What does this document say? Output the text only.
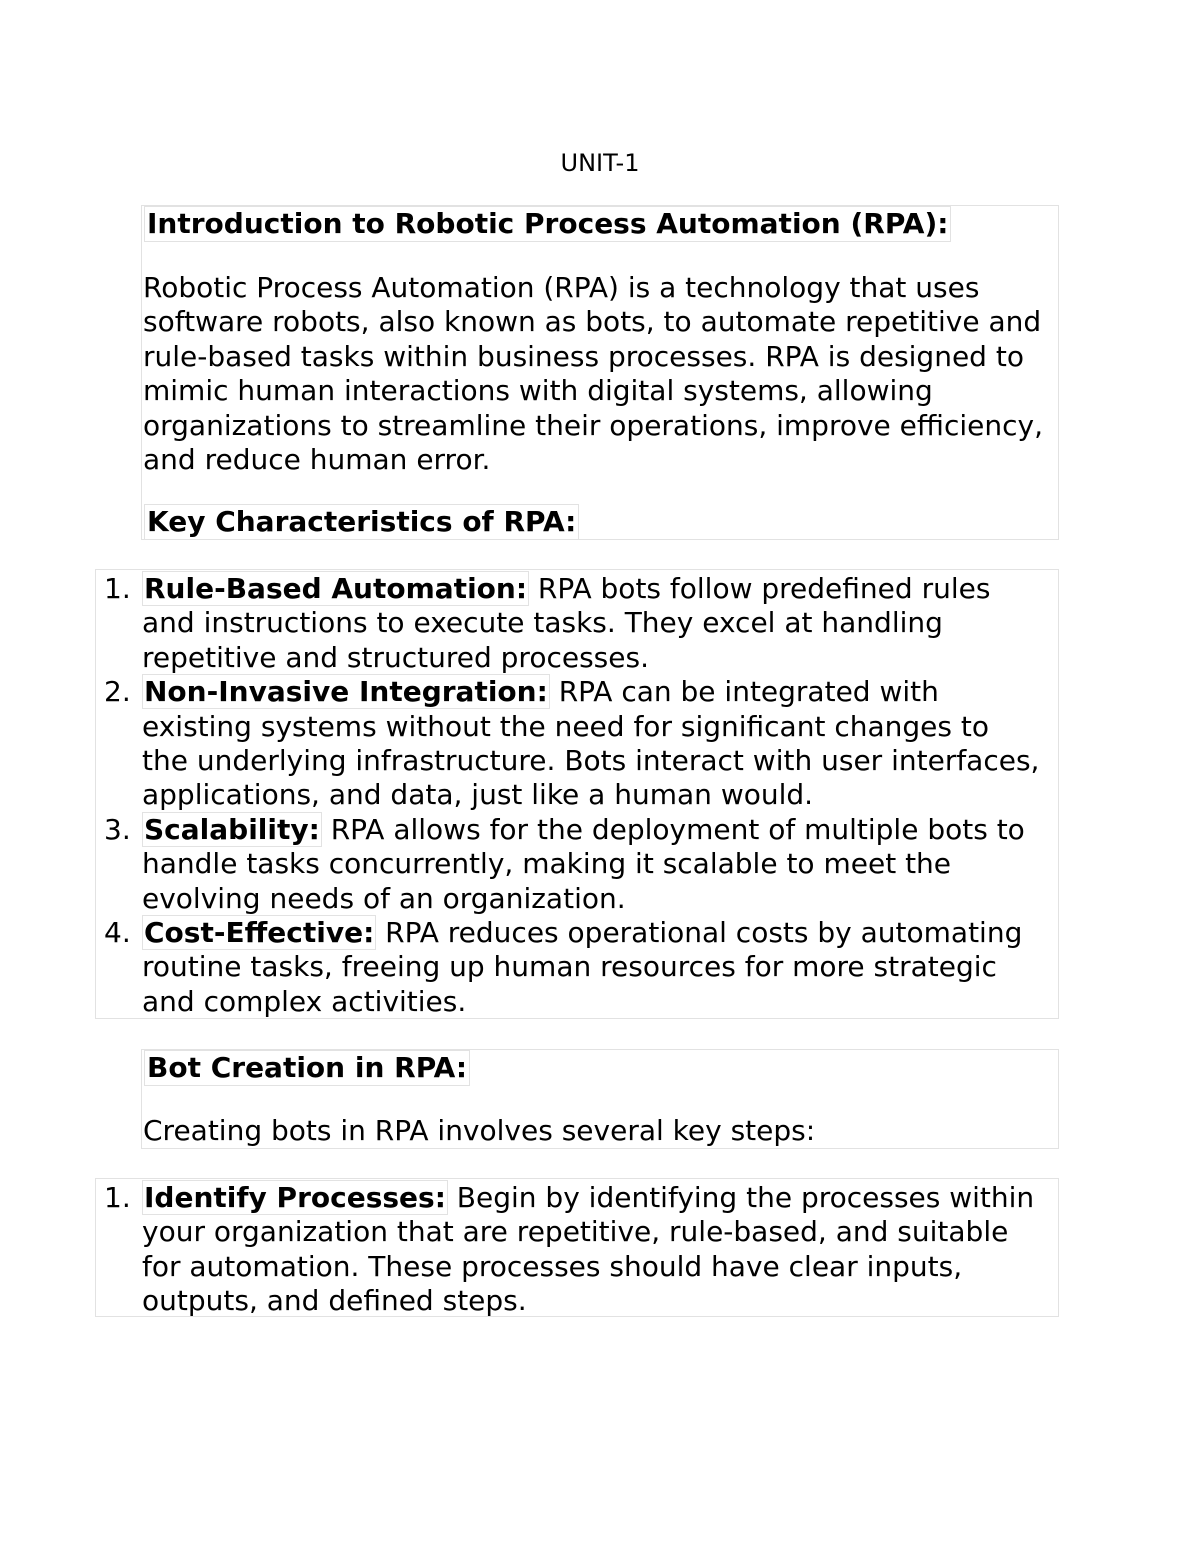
UNIT-1
Introduction to Robotic Process Automation (RPA):

Robotic Process Automation (RPA) is a technology that uses software robots, also known as bots, to automate repetitive and rule-based tasks within business processes. RPA is designed to mimic human interactions with digital systems, allowing organizations to streamline their operations, improve efficiency, and reduce human error.

Key Characteristics of RPA:
1. Rule-Based Automation: RPA bots follow predefined rules and instructions to execute tasks. They excel at handling repetitive and structured processes.
2. Non-Invasive Integration: RPA can be integrated with existing systems without the need for significant changes to the underlying infrastructure. Bots interact with user interfaces, applications, and data, just like a human would.
3. Scalability: RPA allows for the deployment of multiple bots to handle tasks concurrently, making it scalable to meet the evolving needs of an organization.
4. Cost-Effective: RPA reduces operational costs by automating routine tasks, freeing up human resources for more strategic and complex activities.
Bot Creation in RPA:

Creating bots in RPA involves several key steps:

1. Identify Processes: Begin by identifying the processes within your organization that are repetitive, rule-based, and suitable for automation. These processes should have clear inputs, outputs, and defined steps.
